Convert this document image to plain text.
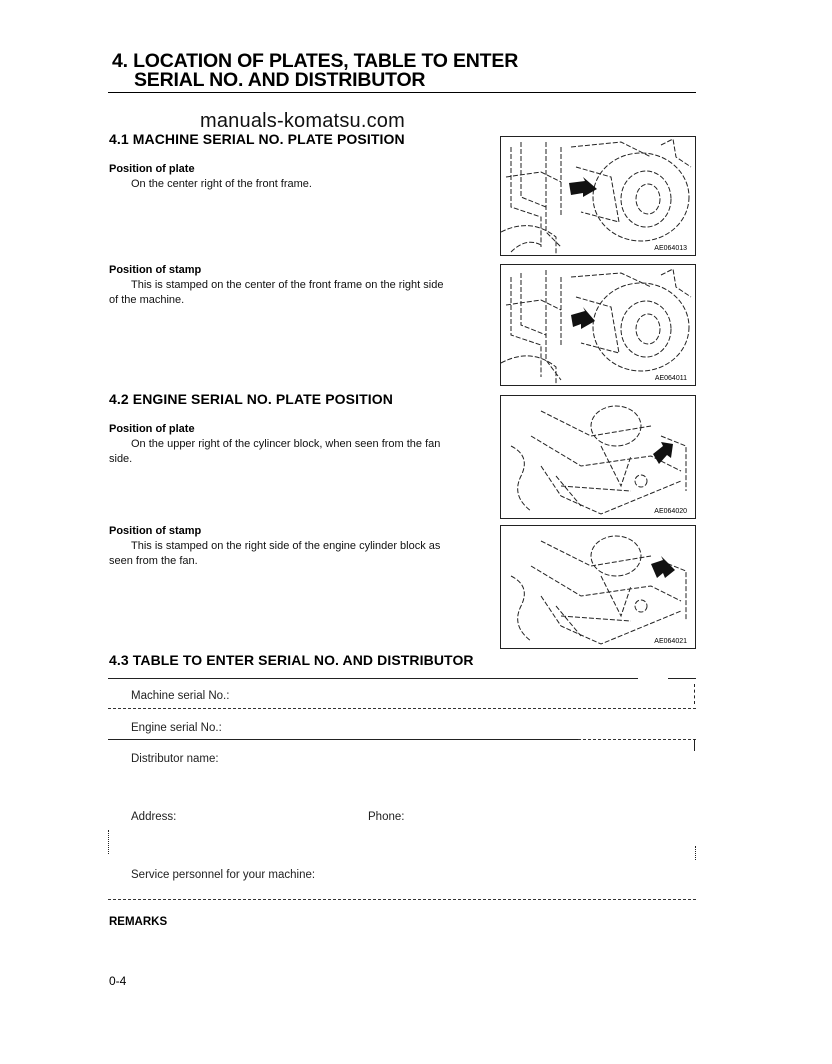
4. LOCATION OF PLATES, TABLE TO ENTER
SERIAL NO. AND DISTRIBUTOR
manuals-komatsu.com
4.1 MACHINE SERIAL NO. PLATE POSITION
Position of plate
On the center right of the front frame.
AE064013
Position of stamp
This is stamped on the center of the front frame on the right side
of the machine.
AE064011
4.2 ENGINE SERIAL NO. PLATE POSITION
Position of plate
On the upper right of the cylincer block, when seen from the fan
side.
AE064020
Position of stamp
This is stamped on the right side of the engine cylinder block as
seen from the fan.
AE064021
4.3 TABLE TO ENTER SERIAL NO. AND DISTRIBUTOR
Machine serial No.:
Engine serial No.:
Distributor name:
Address:	Phone:
Service personnel for your machine:
REMARKS
0-4
